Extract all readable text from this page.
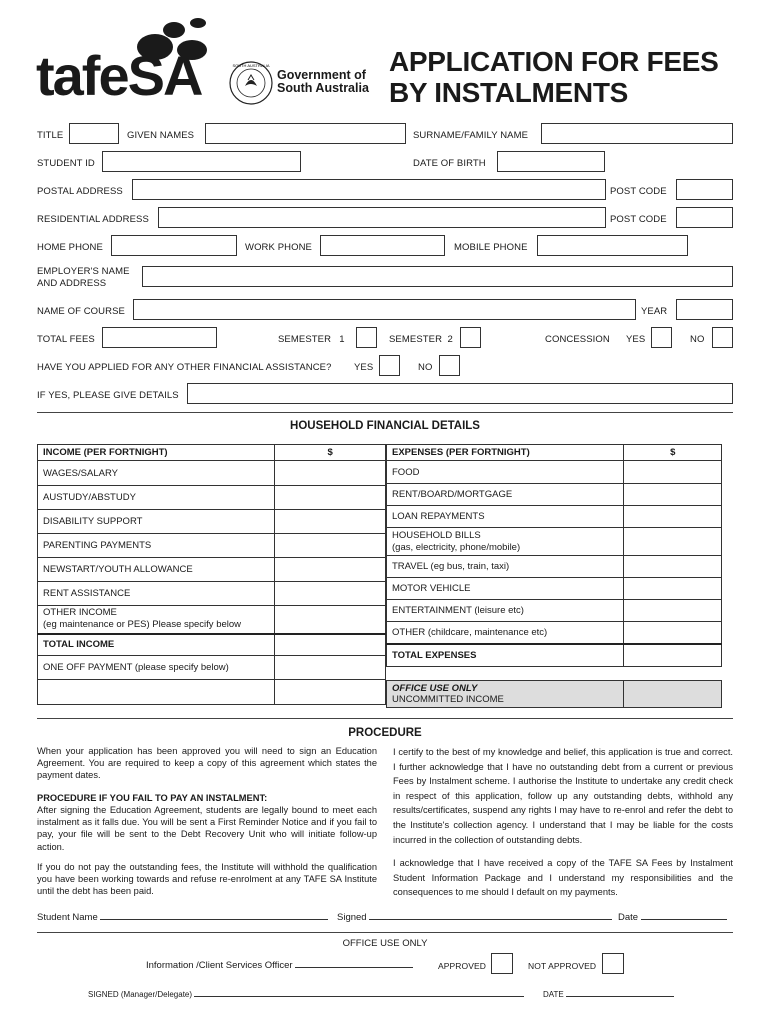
tafeSA	SOUTH AUSTRALIA
Government of
South Australia
APPLICATION FOR FEES
BY INSTALMENTS
TITLE	GIVEN NAMES	SURNAME/FAMILY NAME
STUDENT ID	DATE OF BIRTH
POSTAL ADDRESS	POST CODE
RESIDENTIAL ADDRESS	POST CODE
HOME PHONE	WORK PHONE	MOBILE PHONE
EMPLOYER'S NAME
AND ADDRESS
NAME OF COURSE	YEAR
TOTAL FEES	SEMESTER   1	SEMESTER  2	CONCESSION YES	NO
HAVE YOU APPLIED FOR ANY OTHER FINANCIAL ASSISTANCE? YES	NO
IF YES, PLEASE GIVE DETAILS
HOUSEHOLD FINANCIAL DETAILS
INCOME (PER FORTNIGHT)	$
WAGES/SALARY	
AUSTUDY/ABSTUDY	
DISABILITY SUPPORT	
PARENTING PAYMENTS	
NEWSTART/YOUTH ALLOWANCE	
RENT ASSISTANCE	

OTHER INCOME
(eg maintenance or PES) Please specify below	

TOTAL INCOME	
ONE OFF PAYMENT (please specify below)	

EXPENSES (PER FORTNIGHT)	$
FOOD	
RENT/BOARD/MORTGAGE	
LOAN REPAYMENTS	

HOUSEHOLD BILLS
(gas, electricity, phone/mobile)	

TRAVEL (eg bus, train, taxi)	
MOTOR VEHICLE	
ENTERTAINMENT (leisure etc)	
OTHER (childcare, maintenance etc)	
TOTAL EXPENSES	
OFFICE USE ONLY
UNCOMMITTED INCOME

PROCEDURE
When your application has been approved you will need to sign an Education Agreement. You are required to keep a copy of this agreement which states the payment dates.
PROCEDURE IF YOU FAIL TO PAY AN INSTALMENT:
After signing the Education Agreement, students are legally bound to meet each instalment as it falls due. You will be sent a First Reminder Notice and if you fail to pay, your file will be sent to the Debt Recovery Unit who will initiate follow-up action.
If you do not pay the outstanding fees, the Institute will withhold the qualification you have been working towards and refuse re-enrolment at any TAFE SA Institute until the debt has been paid.
I certify to the best of my knowledge and belief, this application is true and correct. I further acknowledge that I have no outstanding debt from a current or previous Fees by Instalment scheme. I authorise the Institute to undertake any credit check in respect of this application, follow up any outstanding debts, withhold any results/certificates, suspend any rights I may have to re-enrol and refer the debt to the Institute's collection agency. I understand that I may be liable for the costs incurred in the collection of outstanding debts.
I acknowledge that I have received a copy of the TAFE SA Fees by Instalment Student Information Package and I understand my responsibilities and the consequences to me should I default on my payments.
Student Name	Signed	Date
OFFICE USE ONLY
Information /Client Services Officer	APPROVED	NOT APPROVED
SIGNED (Manager/Delegate)	DATE
